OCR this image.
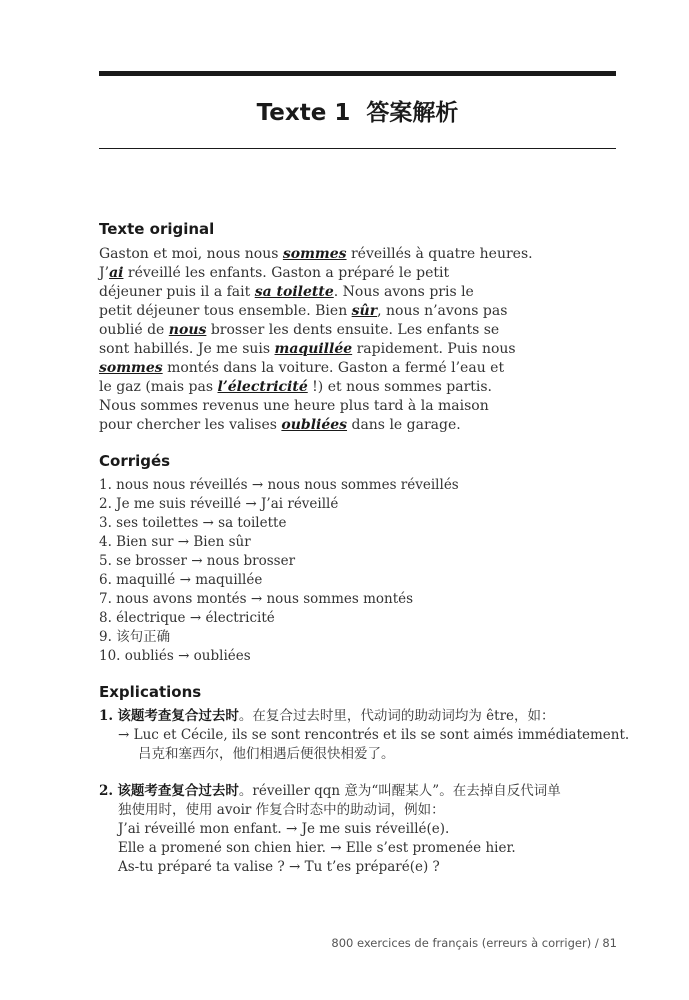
Texte 1 答案解析
Texte original
Gaston et moi, nous nous sommes réveillés à quatre heures.
J’ai réveillé les enfants. Gaston a préparé le petit
déjeuner puis il a fait sa toilette. Nous avons pris le
petit déjeuner tous ensemble. Bien sûr, nous n’avons pas
oublié de nous brosser les dents ensuite. Les enfants se
sont habillés. Je me suis maquillée rapidement. Puis nous
sommes montés dans la voiture. Gaston a fermé l’eau et
le gaz (mais pas l’électricité !) et nous sommes partis.
Nous sommes revenus une heure plus tard à la maison
pour chercher les valises oubliées dans le garage.
Corrigés
1. nous nous réveillés → nous nous sommes réveillés
2. Je me suis réveillé → J’ai réveillé
3. ses toilettes → sa toilette
4. Bien sur → Bien sûr
5. se brosser → nous brosser
6. maquillé → maquillée
7. nous avons montés → nous sommes montés
8. électrique → électricité
9. 该句正确
10. oubliés → oubliées
Explications
1. 该题考查复合过去时。在复合过去时里，代动词的助动词均为 être，如：
→ Luc et Cécile, ils se sont rencontrés et ils se sont aimés immédiatement.
吕克和塞西尔，他们相遇后便很快相爱了。
2. 该题考查复合过去时。réveiller qqn 意为“叫醒某人”。在去掉自反代词单
独使用时，使用 avoir 作复合时态中的助动词，例如：
J’ai réveillé mon enfant. → Je me suis réveillé(e).
Elle a promené son chien hier. → Elle s’est promenée hier.
As-tu préparé ta valise ? → Tu t’es préparé(e) ?
800 exercices de français (erreurs à corriger) / 81
